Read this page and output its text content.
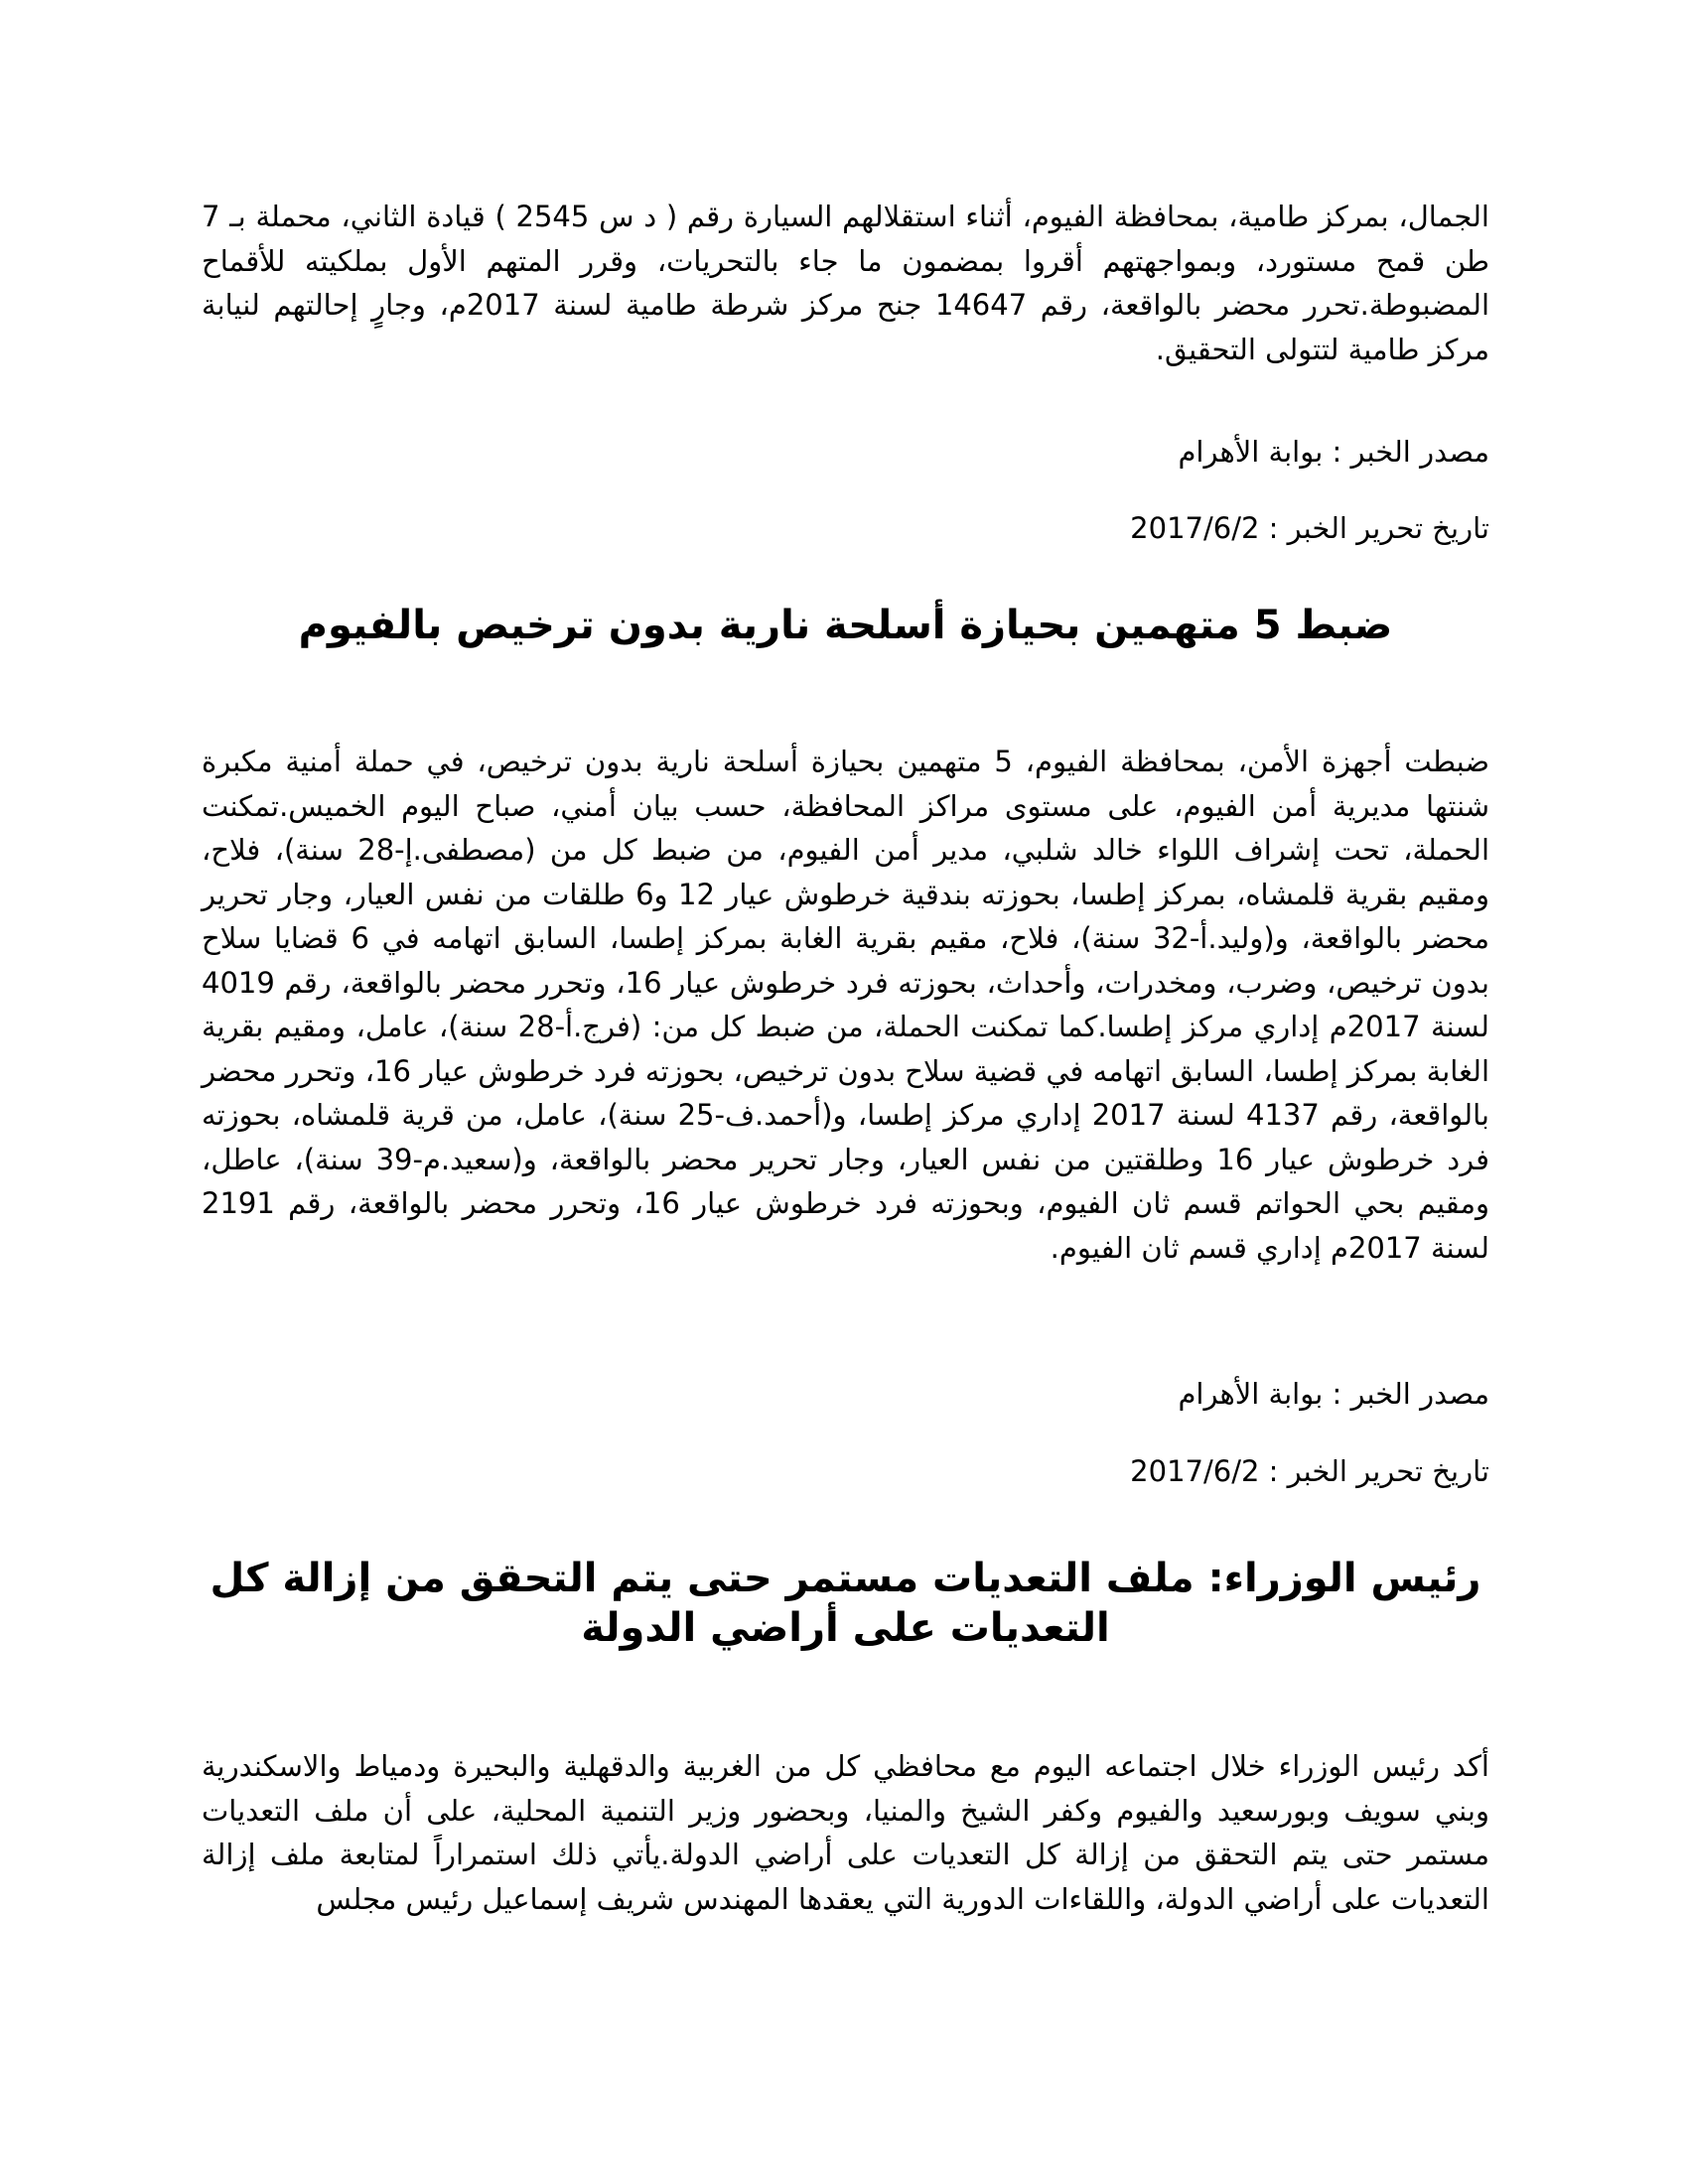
الجمال، بمركز طامية، بمحافظة الفيوم، أثناء استقلالهم السيارة رقم ( د س 2545 ) قيادة الثاني، محملة بـ 7 طن قمح مستورد، وبمواجهتهم أقروا بمضمون ما جاء بالتحريات، وقرر المتهم الأول بملكيته للأقماح المضبوطة.تحرر محضر بالواقعة، رقم 14647 جنح مركز شرطة طامية لسنة 2017م، وجارٍ إحالتهم لنيابة مركز طامية لتتولى التحقيق.

مصدر الخبر : بوابة الأهرام

تاريخ تحرير الخبر : 2017/6/2

ضبط 5 متهمين بحيازة أسلحة نارية بدون ترخيص بالفيوم

ضبطت أجهزة الأمن، بمحافظة الفيوم، 5 متهمين بحيازة أسلحة نارية بدون ترخيص، في حملة أمنية مكبرة شنتها مديرية أمن الفيوم، على مستوى مراكز المحافظة، حسب بيان أمني، صباح اليوم الخميس.تمكنت الحملة، تحت إشراف اللواء خالد شلبي، مدير أمن الفيوم، من ضبط كل من (مصطفى.إ-28 سنة)، فلاح، ومقيم بقرية قلمشاه، بمركز إطسا، بحوزته بندقية خرطوش عيار 12 و6 طلقات من نفس العيار، وجار تحرير محضر بالواقعة، و(وليد.أ-32 سنة)، فلاح، مقيم بقرية الغابة بمركز إطسا، السابق اتهامه في 6 قضايا سلاح بدون ترخيص، وضرب، ومخدرات، وأحداث، بحوزته فرد خرطوش عيار 16، وتحرر محضر بالواقعة، رقم 4019 لسنة 2017م إداري مركز إطسا.كما تمكنت الحملة، من ضبط كل من: (فرج.أ-28 سنة)، عامل، ومقيم بقرية الغابة بمركز إطسا، السابق اتهامه في قضية سلاح بدون ترخيص، بحوزته فرد خرطوش عيار 16، وتحرر محضر بالواقعة، رقم 4137 لسنة 2017 إداري مركز إطسا، و(أحمد.ف-25 سنة)، عامل، من قرية قلمشاه، بحوزته فرد خرطوش عيار 16 وطلقتين من نفس العيار، وجار تحرير محضر بالواقعة، و(سعيد.م-39 سنة)، عاطل، ومقيم بحي الحواتم قسم ثان الفيوم، وبحوزته فرد خرطوش عيار 16، وتحرر محضر بالواقعة، رقم 2191 لسنة 2017م إداري قسم ثان الفيوم.

مصدر الخبر : بوابة الأهرام

تاريخ تحرير الخبر : 2017/6/2

رئيس الوزراء: ملف التعديات مستمر حتى يتم التحقق من إزالة كل التعديات على أراضي الدولة

أكد رئيس الوزراء خلال اجتماعه اليوم مع محافظي كل من الغربية والدقهلية والبحيرة ودمياط والاسكندرية وبني سويف وبورسعيد والفيوم وكفر الشيخ والمنيا، وبحضور وزير التنمية المحلية، على أن ملف التعديات مستمر حتى يتم التحقق من إزالة كل التعديات على أراضي الدولة.يأتي ذلك استمراراً لمتابعة ملف إزالة التعديات على أراضي الدولة، واللقاءات الدورية التي يعقدها المهندس شريف إسماعيل رئيس مجلس
